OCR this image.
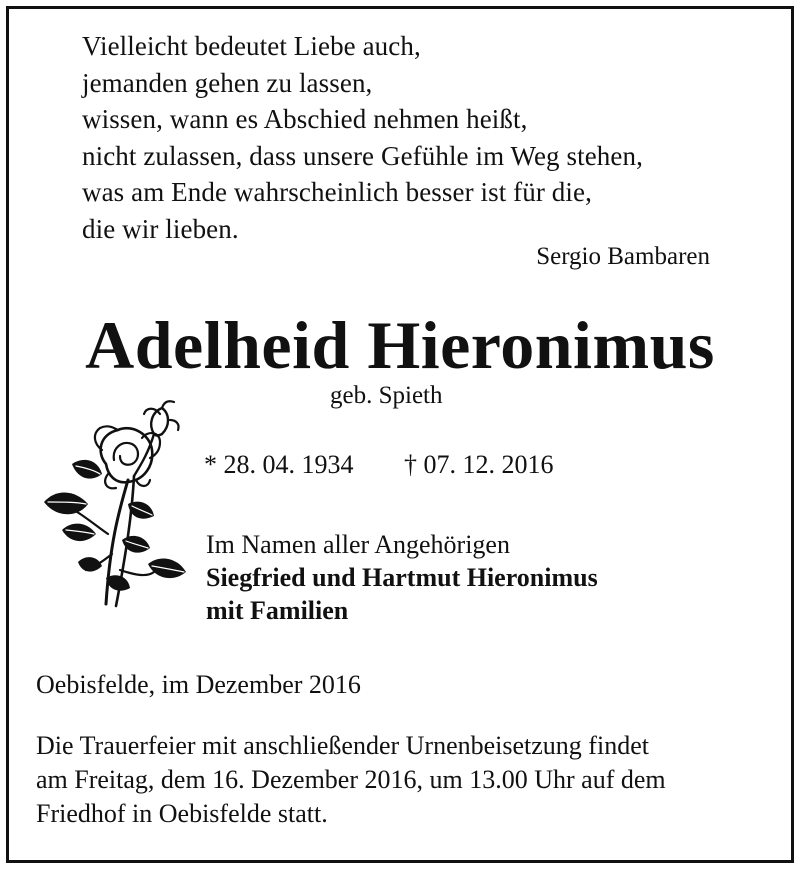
Vielleicht bedeutet Liebe auch,
jemanden gehen zu lassen,
wissen, wann es Abschied nehmen heißt,
nicht zulassen, dass unsere Gefühle im Weg stehen,
was am Ende wahrscheinlich besser ist für die,
die wir lieben.
Sergio Bambaren
Adelheid Hieronimus
geb. Spieth
* 28. 04. 1934 † 07. 12. 2016
Im Namen aller Angehörigen
Siegfried und Hartmut Hieronimus
mit Familien
Oebisfelde, im Dezember 2016
Die Trauerfeier mit anschließender Urnenbeisetzung findet
am Freitag, dem 16. Dezember 2016, um 13.00 Uhr auf dem
Friedhof in Oebisfelde statt.
